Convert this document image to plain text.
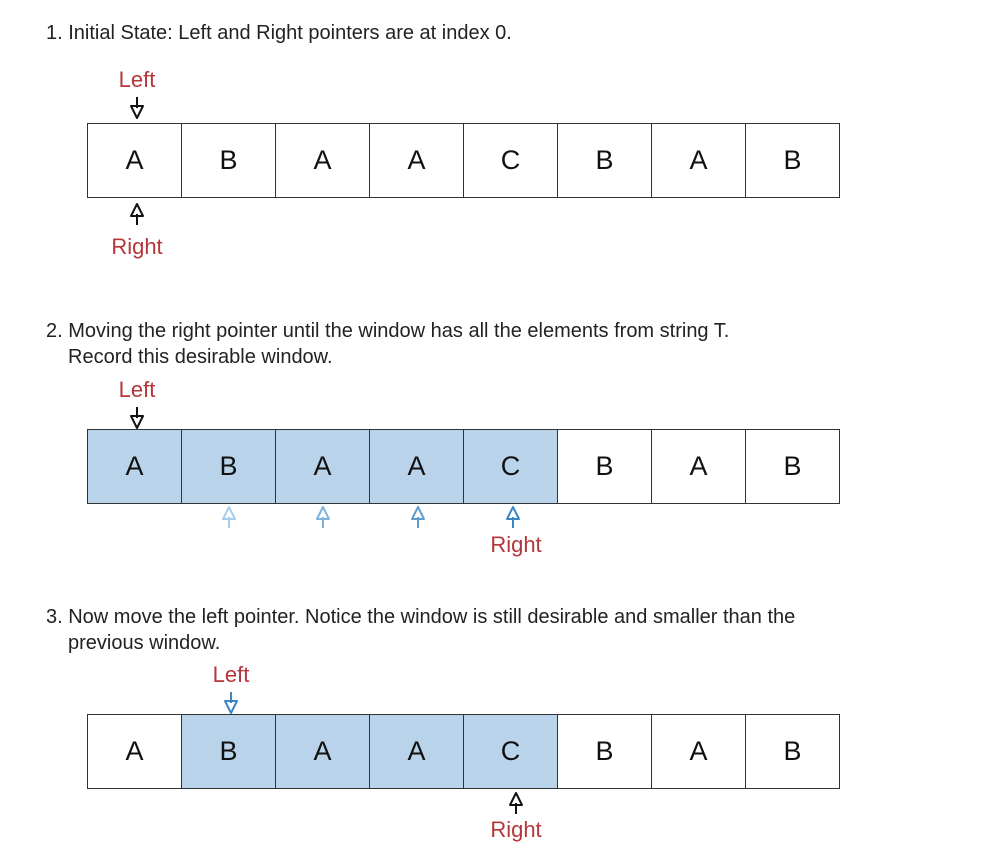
1. Initial State: Left and Right pointers are at index 0.

Left
A	B	A	A	C	B	A	B
Right

2. Moving the right pointer until the window has all the elements from string T.
Record this desirable window.

Left
A	B	A	A	C	B	A	B
Right

3. Now move the left pointer. Notice the window is still desirable and smaller than the
previous window.

Left
A	B	A	A	C	B	A	B
Right
